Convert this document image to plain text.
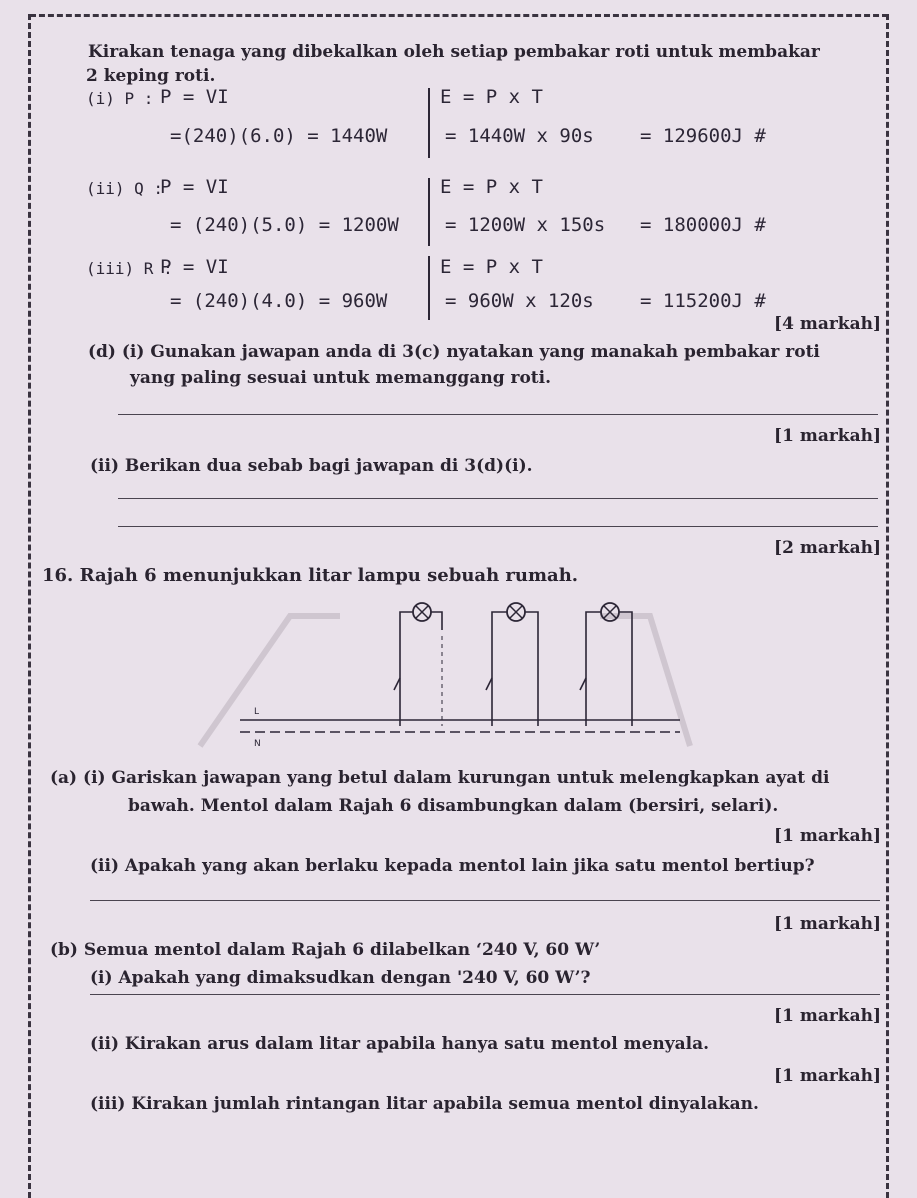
Kirakan tenaga yang dibekalkan oleh setiap pembakar roti untuk membakar
2 keping roti.
(i) P : P = VI
=(240)(6.0) = 1440W
E = P x T
= 1440W x 90s = 129600J #
(ii) Q :
P = VI
= (240)(5.0) = 1200W
E = P x T
= 1200W x 150s = 180000J #
(iii) R :
P = VI
= (240)(4.0) = 960W
E = P x T
= 960W x 120s = 115200J #
[4 markah]
(d) (i) Gunakan jawapan anda di 3(c) nyatakan yang manakah pembakar roti
yang paling sesuai untuk memanggang roti.
[1 markah]
(ii) Berikan dua sebab bagi jawapan di 3(d)(i).
[2 markah]
16. Rajah 6 menunjukkan litar lampu sebuah rumah.
L
N
(a) (i) Gariskan jawapan yang betul dalam kurungan untuk melengkapkan ayat di
bawah. Mentol dalam Rajah 6 disambungkan dalam (bersiri, selari).
[1 markah]
(ii) Apakah yang akan berlaku kepada mentol lain jika satu mentol bertiup?
[1 markah]
(b) Semua mentol dalam Rajah 6 dilabelkan ‘240 V, 60 W’
(i) Apakah yang dimaksudkan dengan '240 V, 60 W’?
[1 markah]
(ii) Kirakan arus dalam litar apabila hanya satu mentol menyala.
[1 markah]
(iii) Kirakan jumlah rintangan litar apabila semua mentol dinyalakan.
